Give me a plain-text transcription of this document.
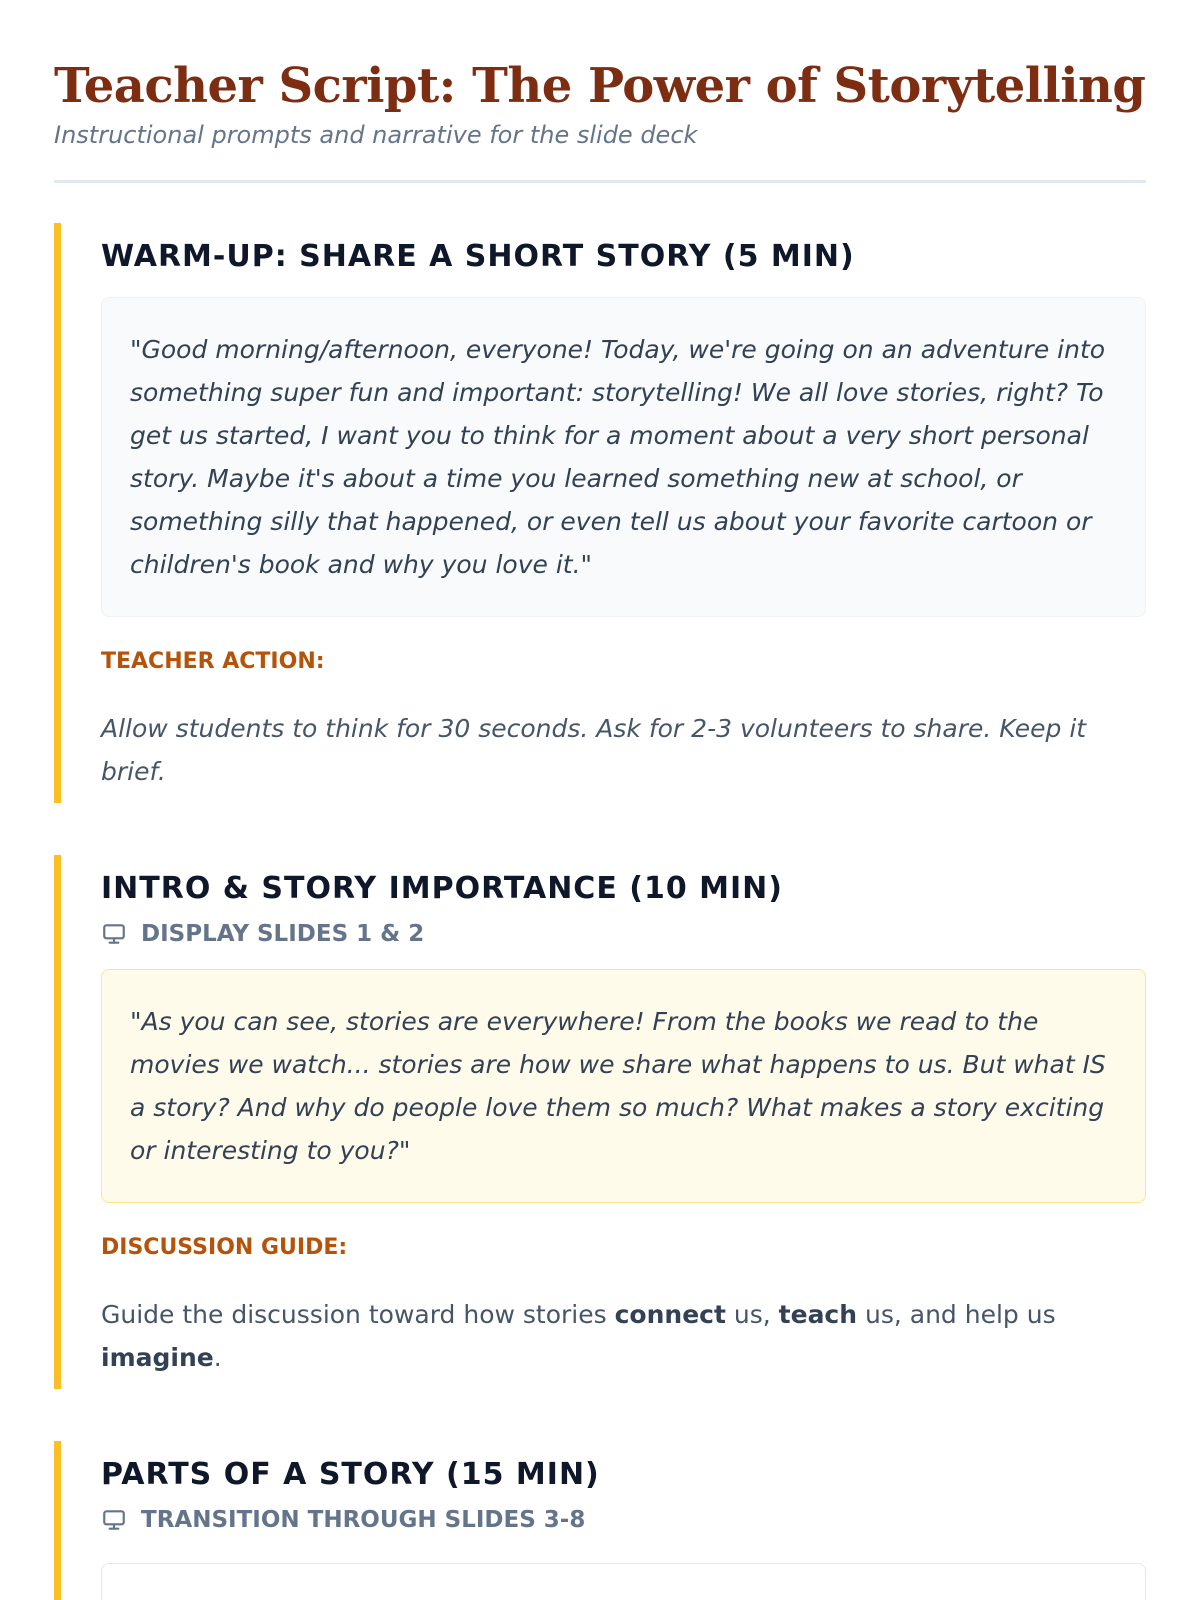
Teacher Script: The Power of Storytelling

Instructional prompts and narrative for the slide deck

WARM-UP: SHARE A SHORT STORY (5 MIN)
"Good morning/afternoon, everyone! Today, we're going on an adventure into something super fun and important: storytelling! We all love stories, right? To get us started, I want you to think for a moment about a very short personal story. Maybe it's about a time you learned something new at school, or something silly that happened, or even tell us about your favorite cartoon or children's book and why you love it."
TEACHER ACTION:
Allow students to think for 30 seconds. Ask for 2-3 volunteers to share. Keep it brief.
INTRO & STORY IMPORTANCE (10 MIN)
DISPLAY SLIDES 1 & 2
"As you can see, stories are everywhere! From the books we read to the movies we watch... stories are how we share what happens to us. But what IS a story? And why do people love them so much? What makes a story exciting or interesting to you?"
DISCUSSION GUIDE:
Guide the discussion toward how stories connect us, teach us, and help us imagine.
PARTS OF A STORY (15 MIN)
TRANSITION THROUGH SLIDES 3-8
